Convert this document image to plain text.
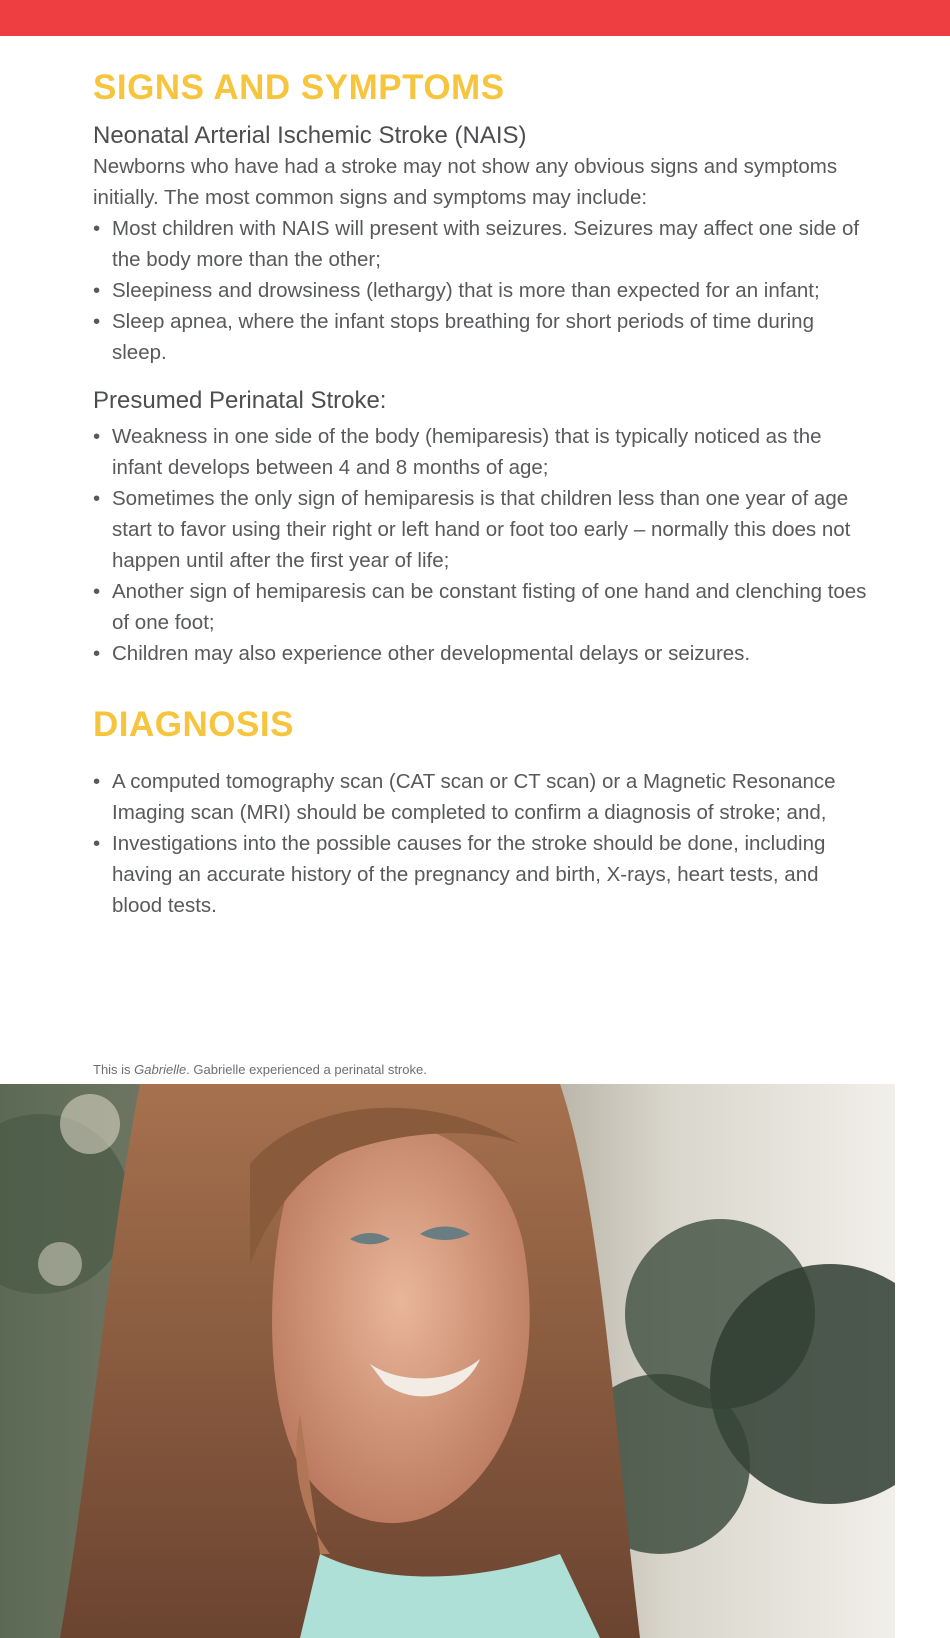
SIGNS AND SYMPTOMS
Neonatal Arterial Ischemic Stroke (NAIS)

Newborns who have had a stroke may not show any obvious signs and symptoms initially. The most common signs and symptoms may include:

• Most children with NAIS will present with seizures. Seizures may affect one side of the body more than the other;
• Sleepiness and drowsiness (lethargy) that is more than expected for an infant;
• Sleep apnea, where the infant stops breathing for short periods of time during sleep.
Presumed Perinatal Stroke:
• Weakness in one side of the body (hemiparesis) that is typically noticed as the infant develops between 4 and 8 months of age;
• Sometimes the only sign of hemiparesis is that children less than one year of age start to favor using their right or left hand or foot too early – normally this does not happen until after the first year of life;
• Another sign of hemiparesis can be constant fisting of one hand and clenching toes of one foot;
• Children may also experience other developmental delays or seizures.
DIAGNOSIS
• A computed tomography scan (CAT scan or CT scan) or a Magnetic Resonance Imaging scan (MRI) should be completed to confirm a diagnosis of stroke; and,
• Investigations into the possible causes for the stroke should be done, including having an accurate history of the pregnancy and birth, X-rays, heart tests, and blood tests.
This is Gabrielle. Gabrielle experienced a perinatal stroke.
